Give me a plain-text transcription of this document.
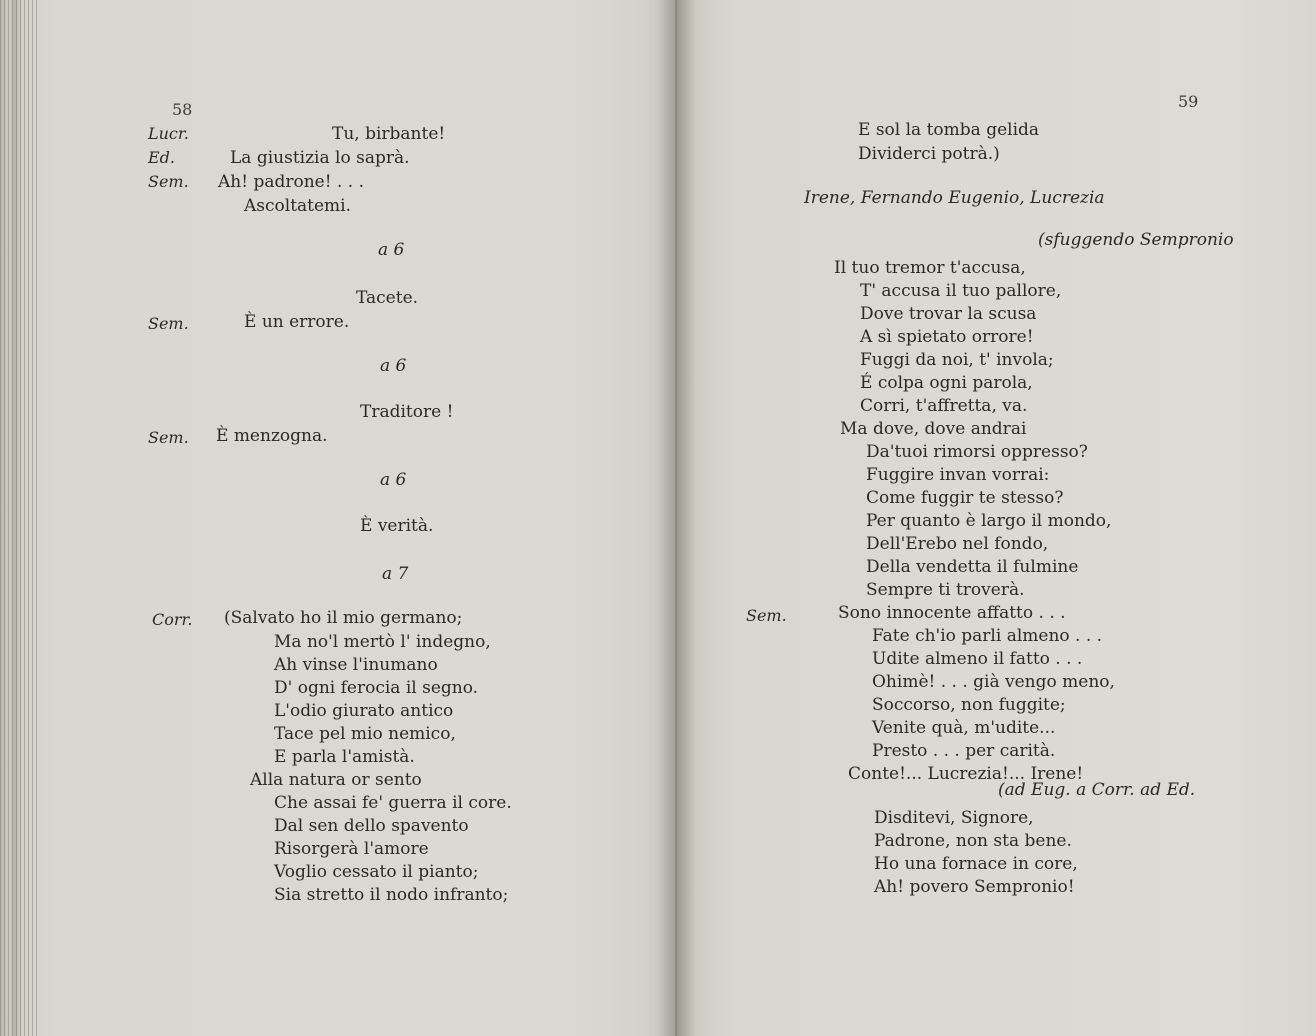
58
Lucr.	Tu, birbante!
Ed.	La giustizia lo saprà.
Sem. Ah! padrone! . . .
Ascoltatemi.
a 6
Tacete.
Sem.	È un errore.
a 6
Traditore !
Sem. È menzogna.
a 6
È verità.
a 7
Corr. (Salvato ho il mio germano;
Ma no'l mertò l' indegno,
Ah vinse l'inumano
D' ogni ferocia il segno.
L'odio giurato antico
Tace pel mio nemico,
E parla l'amistà.
Alla natura or sento
Che assai fe' guerra il core.
Dal sen dello spavento
Risorgerà l'amore
Voglio cessato il pianto;
Sia stretto il nodo infranto;
59
E sol la tomba gelida
Dividerci potrà.)
Irene, Fernando Eugenio, Lucrezia
(sfuggendo Sempronio
Il tuo tremor t'accusa,
T' accusa il tuo pallore,
Dove trovar la scusa
A sì spietato orrore!
Fuggi da noi, t' invola;
É colpa ogni parola,
Corri, t'affretta, va.
Ma dove, dove andrai
Da'tuoi rimorsi oppresso?
Fuggire invan vorrai:
Come fuggir te stesso?
Per quanto è largo il mondo,
Dell'Erebo nel fondo,
Della vendetta il fulmine
Sempre ti troverà.
Sem.	Sono innocente affatto . . .
Fate ch'io parli almeno . . .
Udite almeno il fatto . . .
Ohimè! . . . già vengo meno,
Soccorso, non fuggite;
Venite quà, m'udite...
Presto . . . per carità.
Conte!... Lucrezia!... Irene!
(ad Eug. a Corr. ad Ed.
Disditevi, Signore,
Padrone, non sta bene.
Ho una fornace in core,
Ah! povero Sempronio!
